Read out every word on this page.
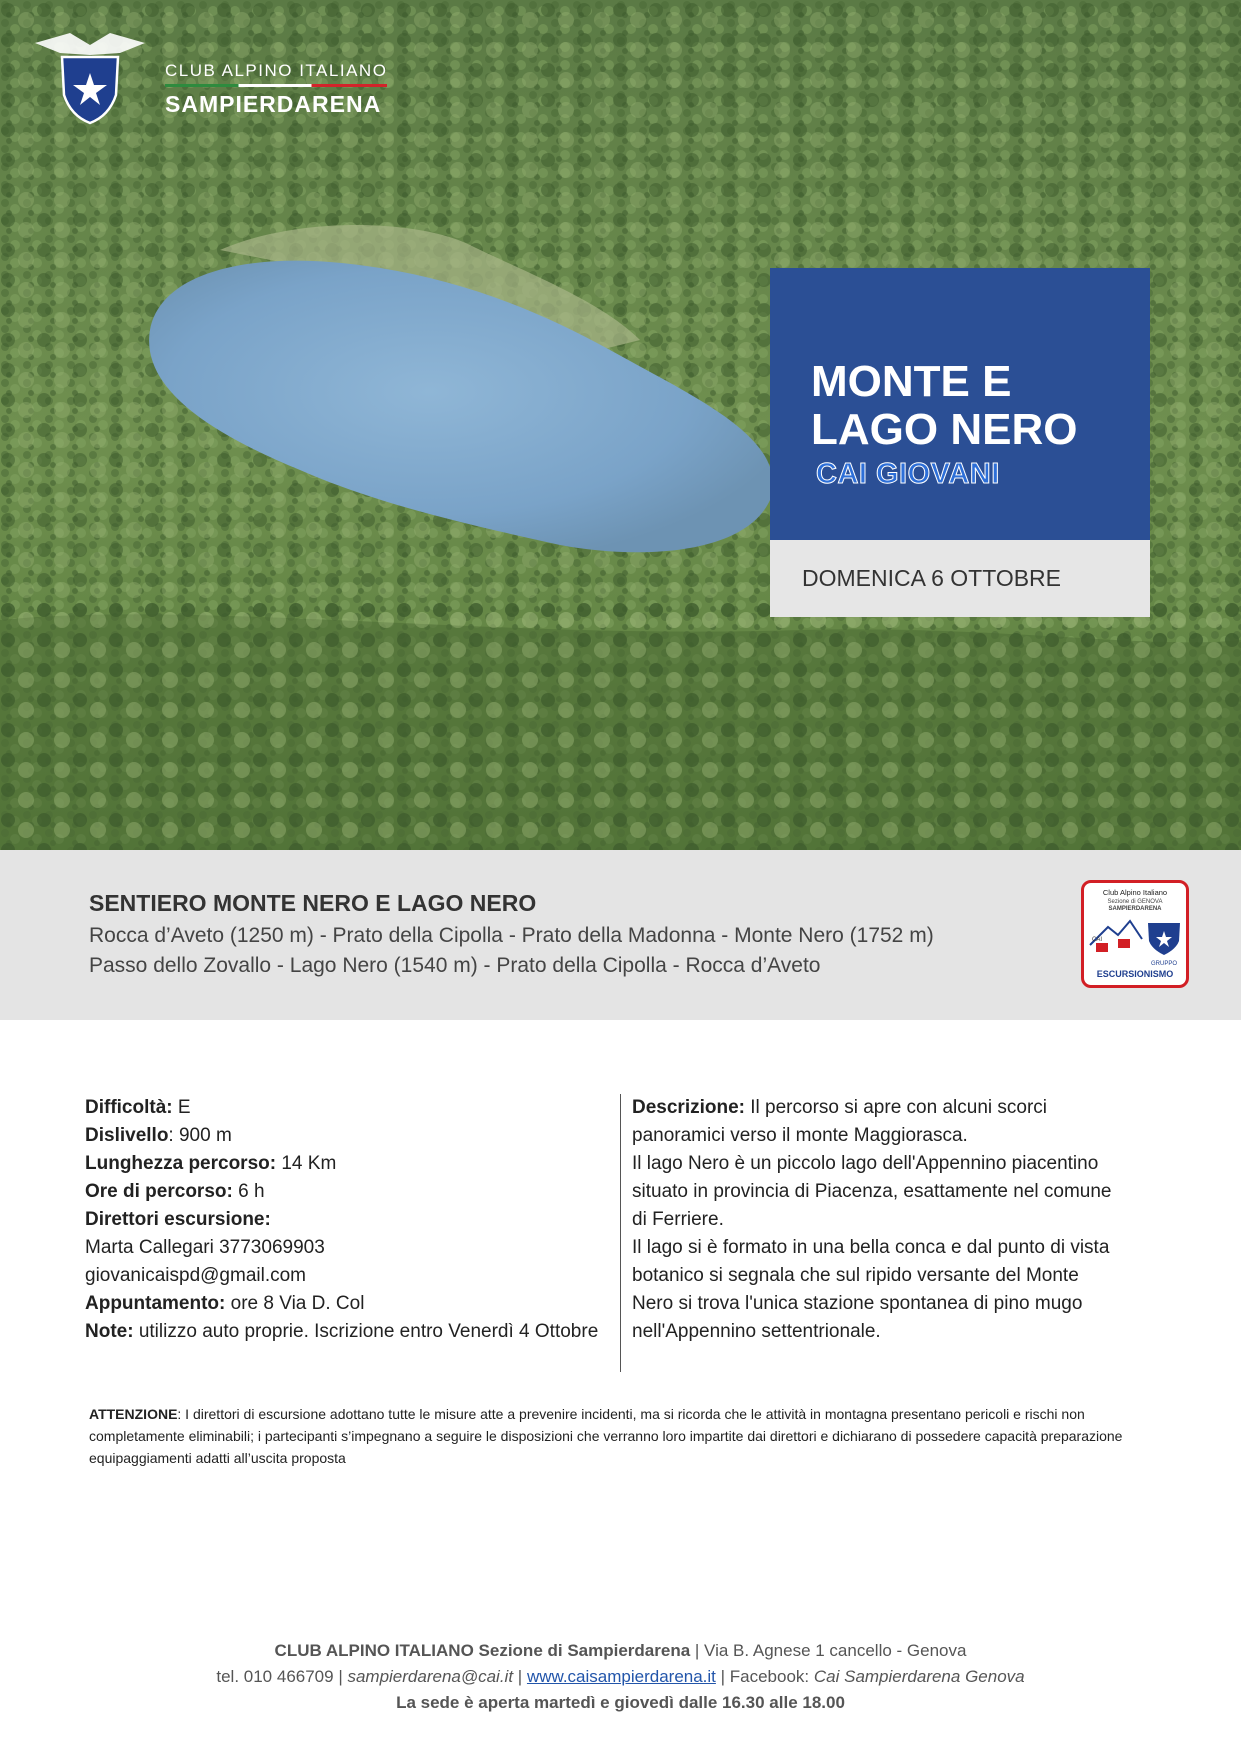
CLUB ALPINO ITALIANO
SAMPIERDARENA
MONTE E LAGO NERO
CAI GIOVANI
DOMENICA 6 OTTOBRE
SENTIERO MONTE NERO E LAGO NERO
Rocca d’Aveto (1250 m) - Prato della Cipolla - Prato della Madonna - Monte Nero (1752 m)
Passo dello Zovallo - Lago Nero (1540 m) - Prato della Cipolla - Rocca d’Aveto
Club Alpino Italiano
Sezione di GENOVA
SAMPIERDARENA
CAI
GRUPPO
ESCURSIONISMO
Difficoltà: E
Dislivello: 900 m
Lunghezza percorso: 14 Km
Ore di percorso: 6 h
Direttori escursione:
Marta Callegari 3773069903
giovanicaispd@gmail.com
Appuntamento: ore 8 Via D. Col
Note: utilizzo auto proprie. Iscrizione entro Venerdì 4 Ottobre
Descrizione: Il percorso si apre con alcuni scorci panoramici verso il monte Maggiorasca.
Il lago Nero è un piccolo lago dell'Appennino piacentino situato in provincia di Piacenza, esattamente nel comune di Ferriere.
Il lago si è formato in una bella conca e dal punto di vista botanico si segnala che sul ripido versante del Monte Nero si trova l'unica stazione spontanea di pino mugo nell'Appennino settentrionale.
ATTENZIONE: I direttori di escursione adottano tutte le misure atte a prevenire incidenti, ma si ricorda che le attività in montagna presentano pericoli e rischi non completamente eliminabili; i partecipanti s’impegnano a seguire le disposizioni che verranno loro impartite dai direttori e dichiarano di possedere capacità preparazione equipaggiamenti adatti all’uscita proposta
CLUB ALPINO ITALIANO Sezione di Sampierdarena | Via B. Agnese 1 cancello - Genova
tel. 010 466709 | sampierdarena@cai.it | www.caisampierdarena.it | Facebook: Cai Sampierdarena Genova
La sede è aperta martedì e giovedì dalle 16.30 alle 18.00
